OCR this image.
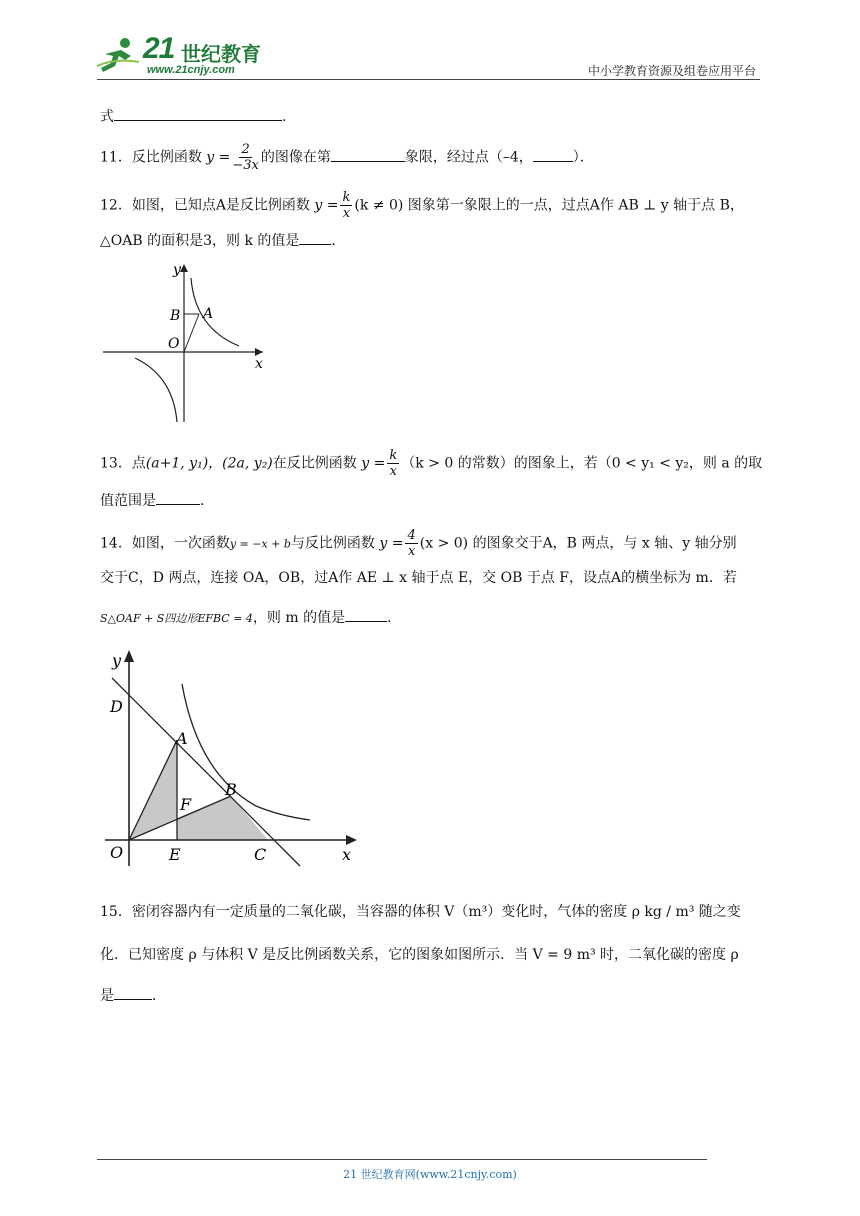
21 世纪教育
www.21cnjy.com	中小学教育资源及组卷应用平台
式	.
11．反比例函数 $y = \frac{2}{-3x}$ 的图像在第	象限，经过点（–4，	）．
12．如图，已知点A是反比例函数 $y = \frac{k}{x} (k \ne 0)$ 图象第一象限上的一点，过点A作 AB ⊥ y 轴于点 B，
△OAB 的面积是3，则 k 的值是 ．
y
x
B A
O
13．点(a+1, y₁)，(2a, y₂)在反比例函数 $y = \frac{k}{x} (k > 0$ 的常数）的图象上，若（0 < y₁ < y₂，则 a 的取
值范围是	．
14．如图，一次函数y = −x + b与反比例函数 $y = \frac{4}{x} (x > 0)$ 的图象交于A，B 两点，与 x 轴、y 轴分别
交于C，D 两点，连接 OA，OB，过A作 AE ⊥ x 轴于点 E，交 OB 于点 F，设点A的横坐标为 m．若
S△OAF + S四边形EFBC = 4，则 m 的值是	．
y
x
D
A
F
B
O	E	C
15．密闭容器内有一定质量的二氧化碳，当容器的体积 V（m³）变化时，气体的密度 ρ kg / m³ 随之变
化．已知密度 ρ 与体积 V 是反比例函数关系，它的图象如图所示．当 V = 9 m³ 时，二氧化碳的密度 ρ
是	．
21 世纪教育网(www.21cnjy.com)
